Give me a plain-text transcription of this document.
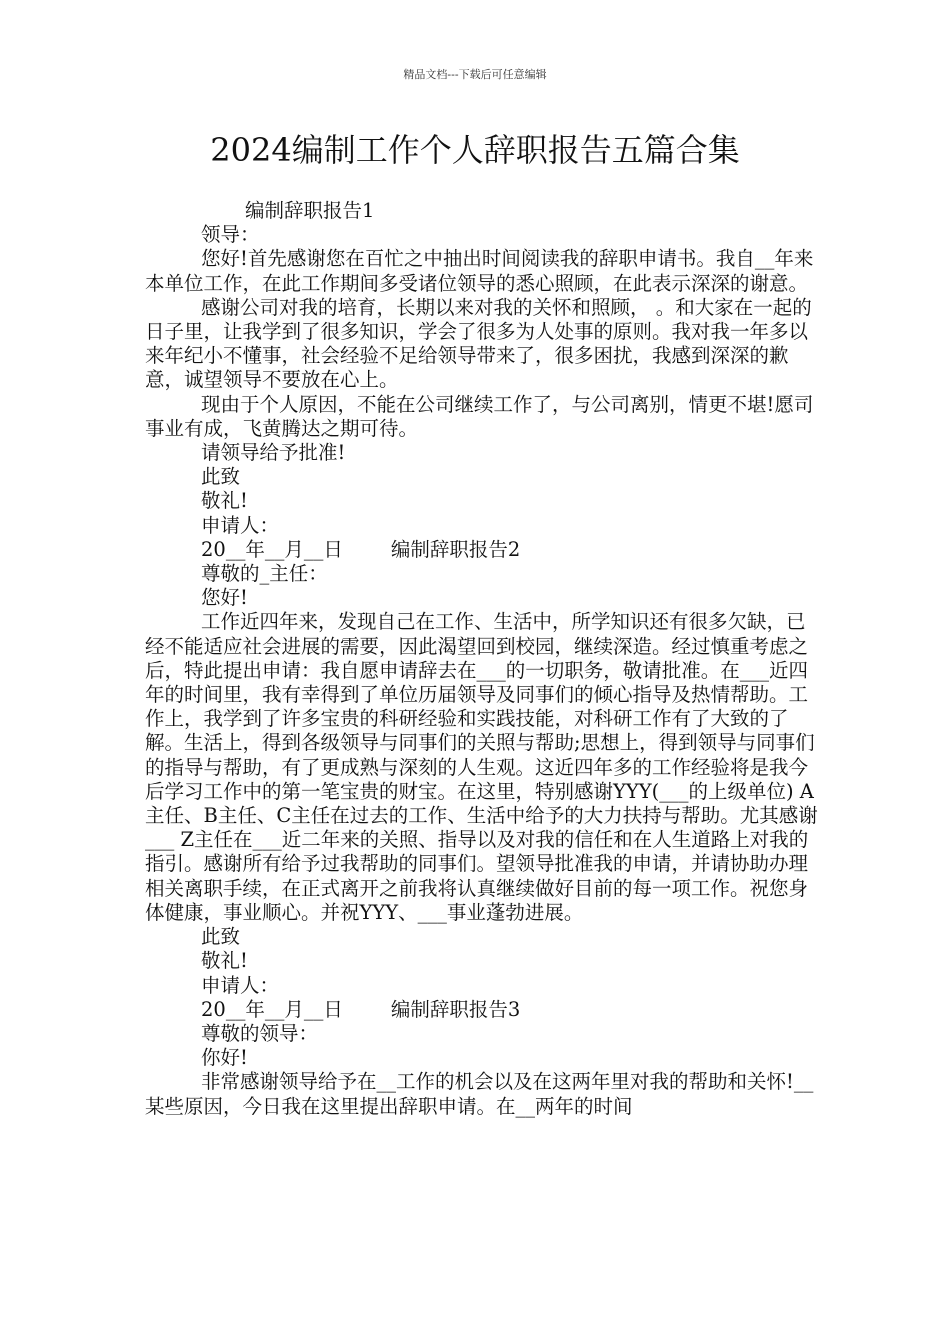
精品文档---下载后可任意编辑
2024编制工作个人辞职报告五篇合集

编制辞职报告1

领导：

您好!首先感谢您在百忙之中抽出时间阅读我的辞职申请书。我自__年来本单位工作，在此工作期间多受诸位领导的悉心照顾，在此表示深深的谢意。

感谢公司对我的培育，长期以来对我的关怀和照顾， 。和大家在一起的日子里，让我学到了很多知识，学会了很多为人处事的原则。我对我一年多以来年纪小不懂事，社会经验不足给领导带来了，很多困扰，我感到深深的歉意，诚望领导不要放在心上。

现由于个人原因，不能在公司继续工作了，与公司离别，情更不堪!愿司事业有成，飞黄腾达之期可待。

请领导给予批准!

此致

敬礼!

申请人：

20__年__月__日 编制辞职报告2

尊敬的_主任：

您好!

工作近四年来，发现自己在工作、生活中，所学知识还有很多欠缺，已经不能适应社会进展的需要，因此渴望回到校园，继续深造。经过慎重考虑之后，特此提出申请：我自愿申请辞去在___的一切职务，敬请批准。在___近四年的时间里，我有幸得到了单位历届领导及同事们的倾心指导及热情帮助。工作上，我学到了许多宝贵的科研经验和实践技能，对科研工作有了大致的了解。生活上，得到各级领导与同事们的关照与帮助;思想上，得到领导与同事们的指导与帮助，有了更成熟与深刻的人生观。这近四年多的工作经验将是我今后学习工作中的第一笔宝贵的财宝。在这里，特别感谢YYY(___的上级单位) A主任、B主任、C主任在过去的工作、生活中给予的大力扶持与帮助。尤其感谢___ Z主任在___近二年来的关照、指导以及对我的信任和在人生道路上对我的指引。感谢所有给予过我帮助的同事们。望领导批准我的申请，并请协助办理相关离职手续，在正式离开之前我将认真继续做好目前的每一项工作。祝您身体健康，事业顺心。并祝YYY、___事业蓬勃进展。

此致

敬礼!

申请人：

20__年__月__日 编制辞职报告3

尊敬的领导：

你好!

非常感谢领导给予在__工作的机会以及在这两年里对我的帮助和关怀!__某些原因，今日我在这里提出辞职申请。在__两年的时间
